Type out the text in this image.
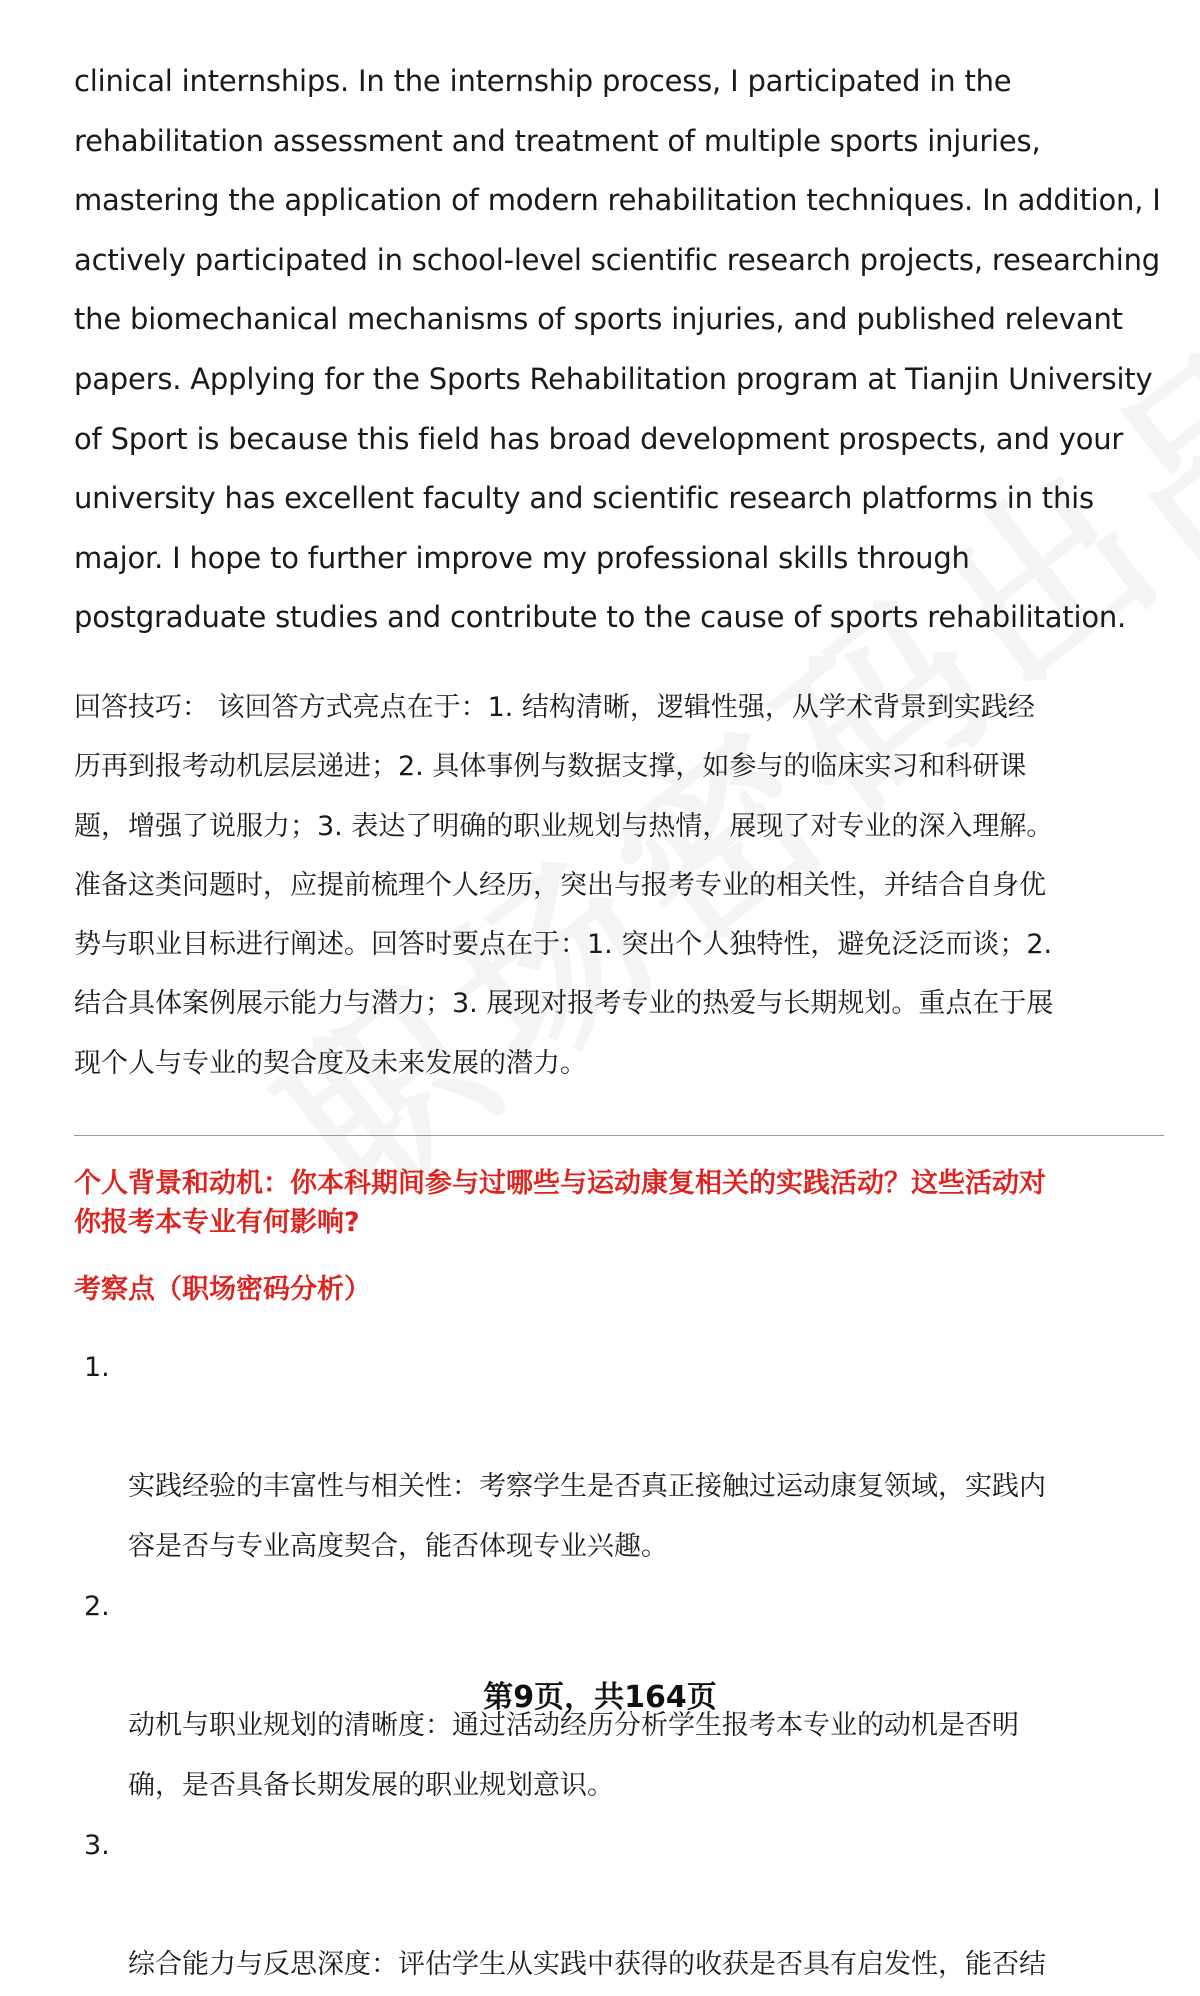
clinical internships. In the internship process, I participated in the
rehabilitation assessment and treatment of multiple sports injuries,
mastering the application of modern rehabilitation techniques. In addition, I
actively participated in school-level scientific research projects, researching
the biomechanical mechanisms of sports injuries, and published relevant
papers. Applying for the Sports Rehabilitation program at Tianjin University
of Sport is because this field has broad development prospects, and your
university has excellent faculty and scientific research platforms in this
major. I hope to further improve my professional skills through
postgraduate studies and contribute to the cause of sports rehabilitation.

回答技巧： 该回答方式亮点在于：1. 结构清晰，逻辑性强，从学术背景到实践经
历再到报考动机层层递进；2. 具体事例与数据支撑，如参与的临床实习和科研课
题，增强了说服力；3. 表达了明确的职业规划与热情，展现了对专业的深入理解。
准备这类问题时，应提前梳理个人经历，突出与报考专业的相关性，并结合自身优
势与职业目标进行阐述。回答时要点在于：1. 突出个人独特性，避免泛泛而谈；2.
结合具体案例展示能力与潜力；3. 展现对报考专业的热爱与长期规划。重点在于展
现个人与专业的契合度及未来发展的潜力。

个人背景和动机：你本科期间参与过哪些与运动康复相关的实践活动？这些活动对
你报考本专业有何影响?
考察点（职场密码分析）

1.

实践经验的丰富性与相关性：考察学生是否真正接触过运动康复领域，实践内
容是否与专业高度契合，能否体现专业兴趣。

2.

动机与职业规划的清晰度：通过活动经历分析学生报考本专业的动机是否明
确，是否具备长期发展的职业规划意识。

3.

综合能力与反思深度：评估学生从实践中获得的收获是否具有启发性，能否结

第9页，共164页
